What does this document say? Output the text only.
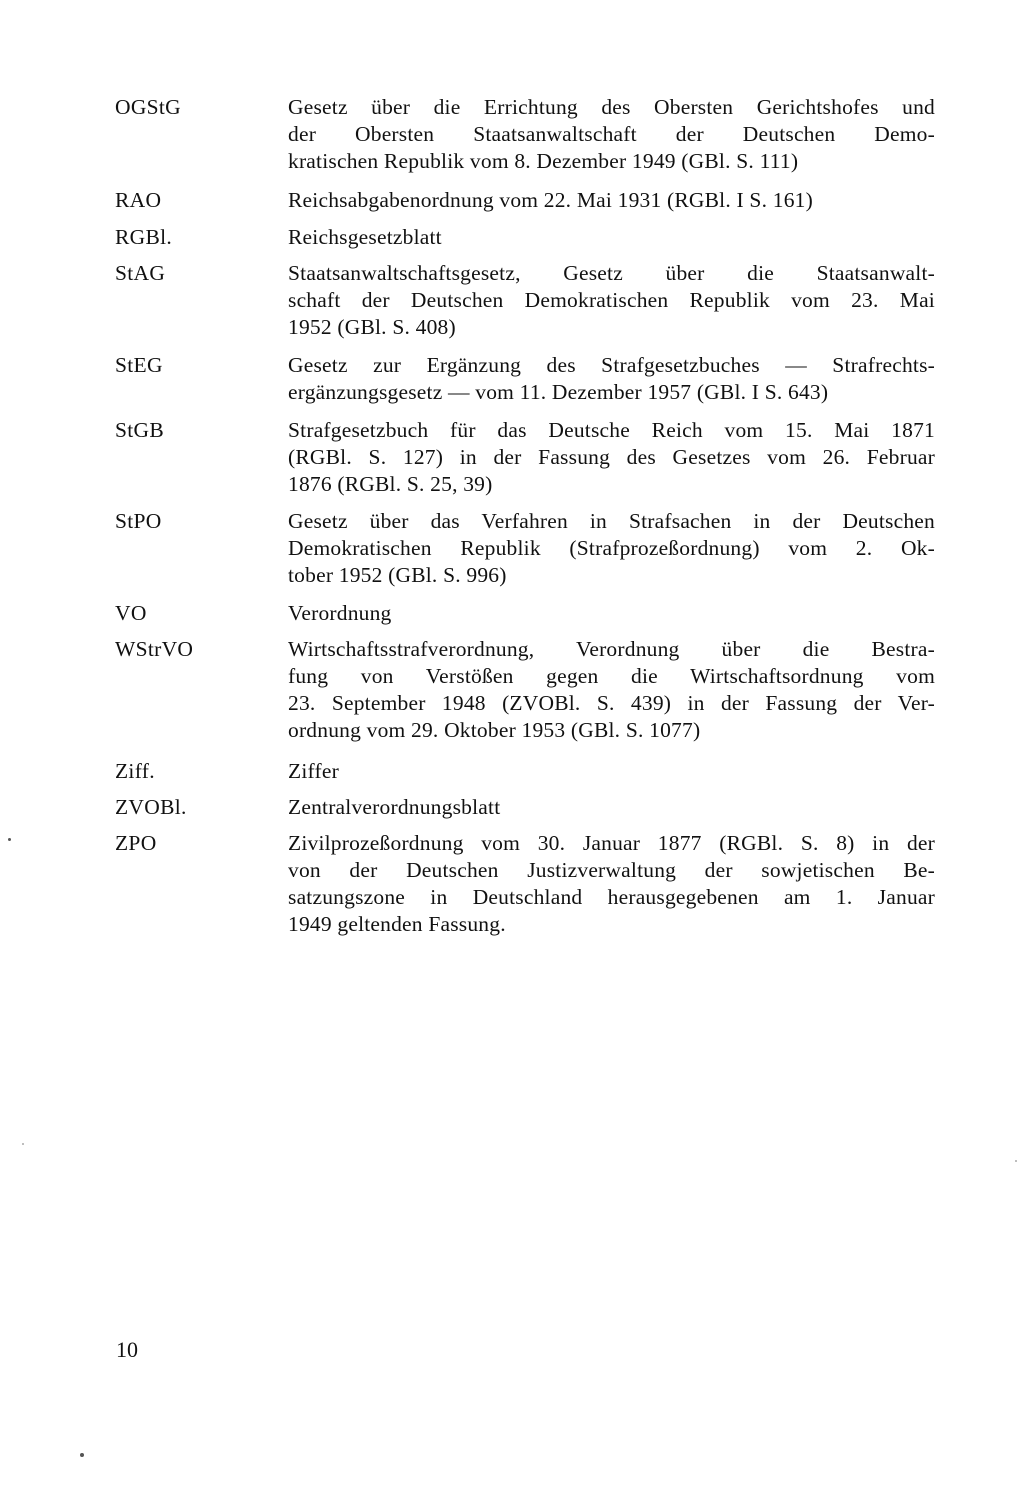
OGStG	Gesetz über die Errichtung des Obersten Gerichtshofes und
der Obersten Staatsanwaltschaft der Deutschen Demo-
kratischen Republik vom 8. Dezember 1949 (GBl. S. 111)
RAO	Reichsabgabenordnung vom 22. Mai 1931 (RGBl. I S. 161)
RGBl.	Reichsgesetzblatt
StAG	Staatsanwaltschaftsgesetz, Gesetz über die Staatsanwalt-
schaft der Deutschen Demokratischen Republik vom 23. Mai
1952 (GBl. S. 408)
StEG	Gesetz zur Ergänzung des Strafgesetzbuches — Strafrechts-
ergänzungsgesetz — vom 11. Dezember 1957 (GBl. I S. 643)
StGB	Strafgesetzbuch für das Deutsche Reich vom 15. Mai 1871
(RGBl. S. 127) in der Fassung des Gesetzes vom 26. Februar
1876 (RGBl. S. 25, 39)
StPO	Gesetz über das Verfahren in Strafsachen in der Deutschen
Demokratischen Republik (Strafprozeßordnung) vom 2. Ok-
tober 1952 (GBl. S. 996)
VO	Verordnung
WStrVO	Wirtschaftsstrafverordnung, Verordnung über die Bestra-
fung von Verstößen gegen die Wirtschaftsordnung vom
23. September 1948 (ZVOBl. S. 439) in der Fassung der Ver-
ordnung vom 29. Oktober 1953 (GBl. S. 1077)
Ziff.	Ziffer
ZVOBl.	Zentralverordnungsblatt
ZPO	Zivilprozeßordnung vom 30. Januar 1877 (RGBl. S. 8) in der
von der Deutschen Justizverwaltung der sowjetischen Be-
satzungszone in Deutschland herausgegebenen am 1. Januar
1949 geltenden Fassung.
10
